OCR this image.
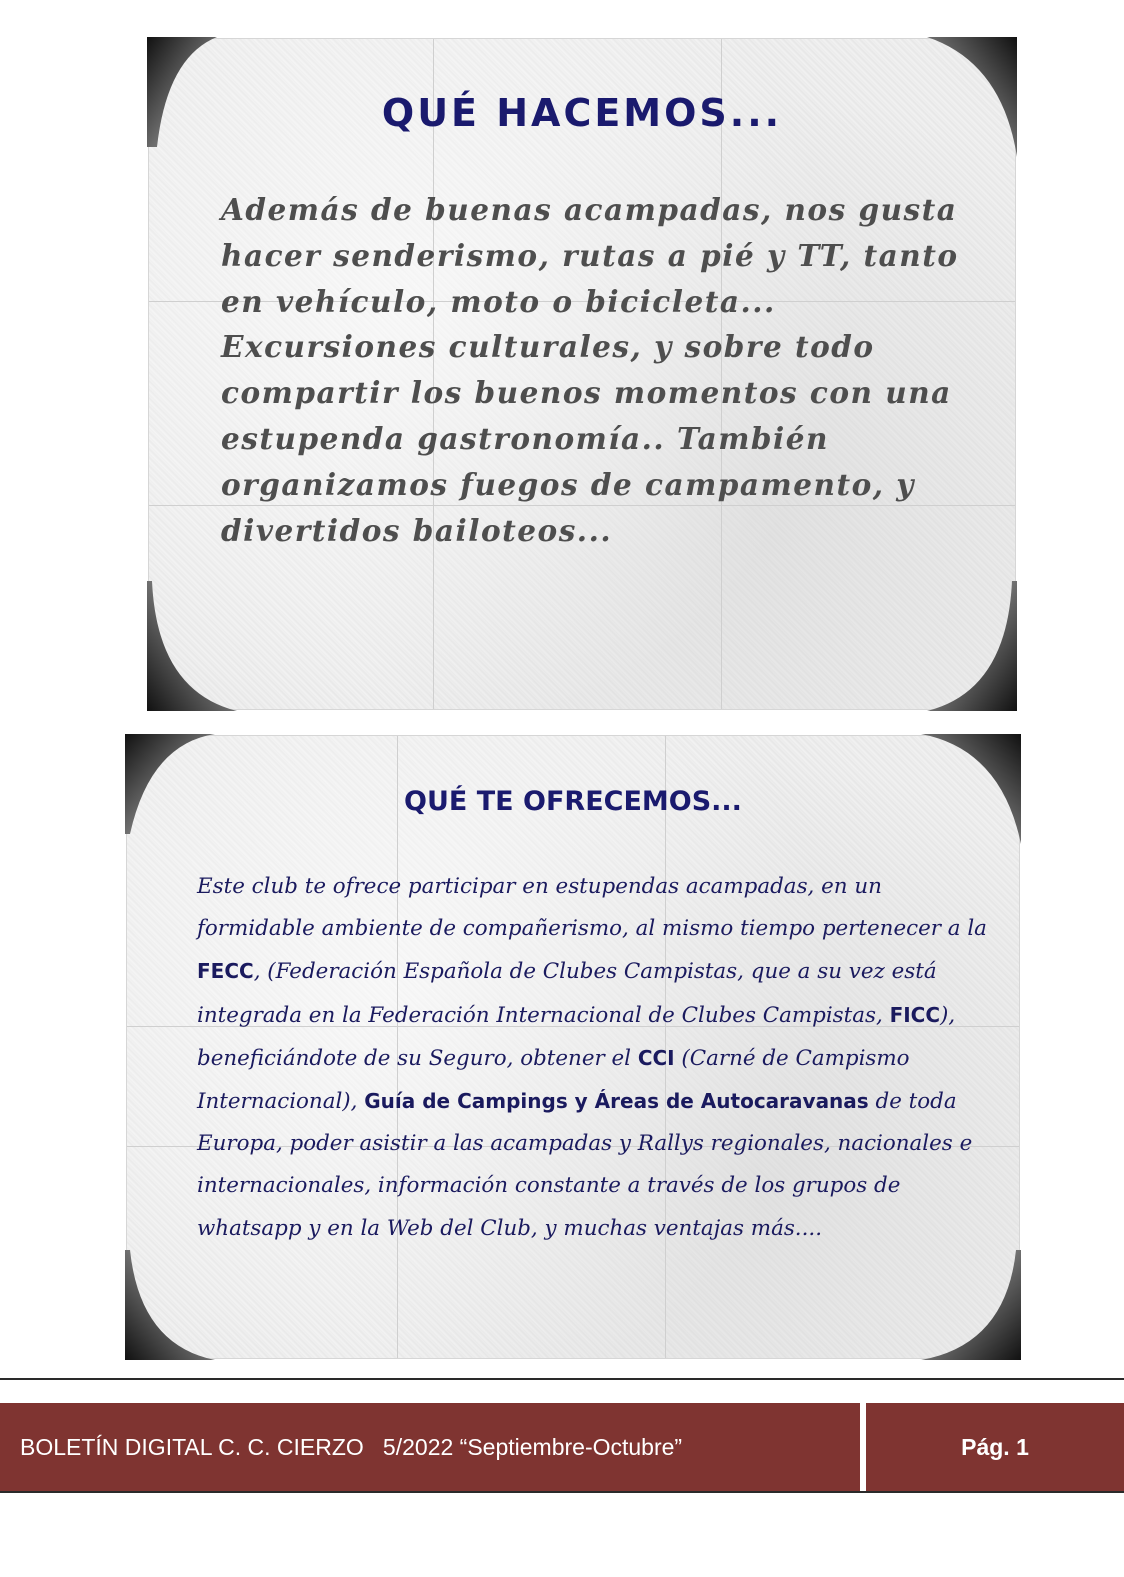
QUÉ HACEMOS...

Además de buenas acampadas, nos gusta hacer senderismo, rutas a pié y TT, tanto en vehículo, moto o bicicleta... Excursiones culturales, y sobre todo compartir los buenos momentos con una estupenda gastronomía.. También organizamos fuegos de campamento, y divertidos bailoteos...

QUÉ TE OFRECEMOS...

Este club te ofrece participar en estupendas acampadas, en un formidable ambiente de compañerismo, al mismo tiempo pertenecer a la FECC, (Federación Española de Clubes Campistas, que a su vez está integrada en la Federación Internacional de Clubes Campistas, FICC), beneficiándote de su Seguro, obtener el CCI (Carné de Campismo Internacional), Guía de Campings y Áreas de Autocaravanas de toda Europa, poder asistir a las acampadas y Rallys regionales, nacionales e internacionales, información constante a través de los grupos de whatsapp y en la Web del Club, y muchas ventajas más....

BOLETÍN DIGITAL C. C. CIERZO   5/2022 “Septiembre-Octubre”	Pág. 1
